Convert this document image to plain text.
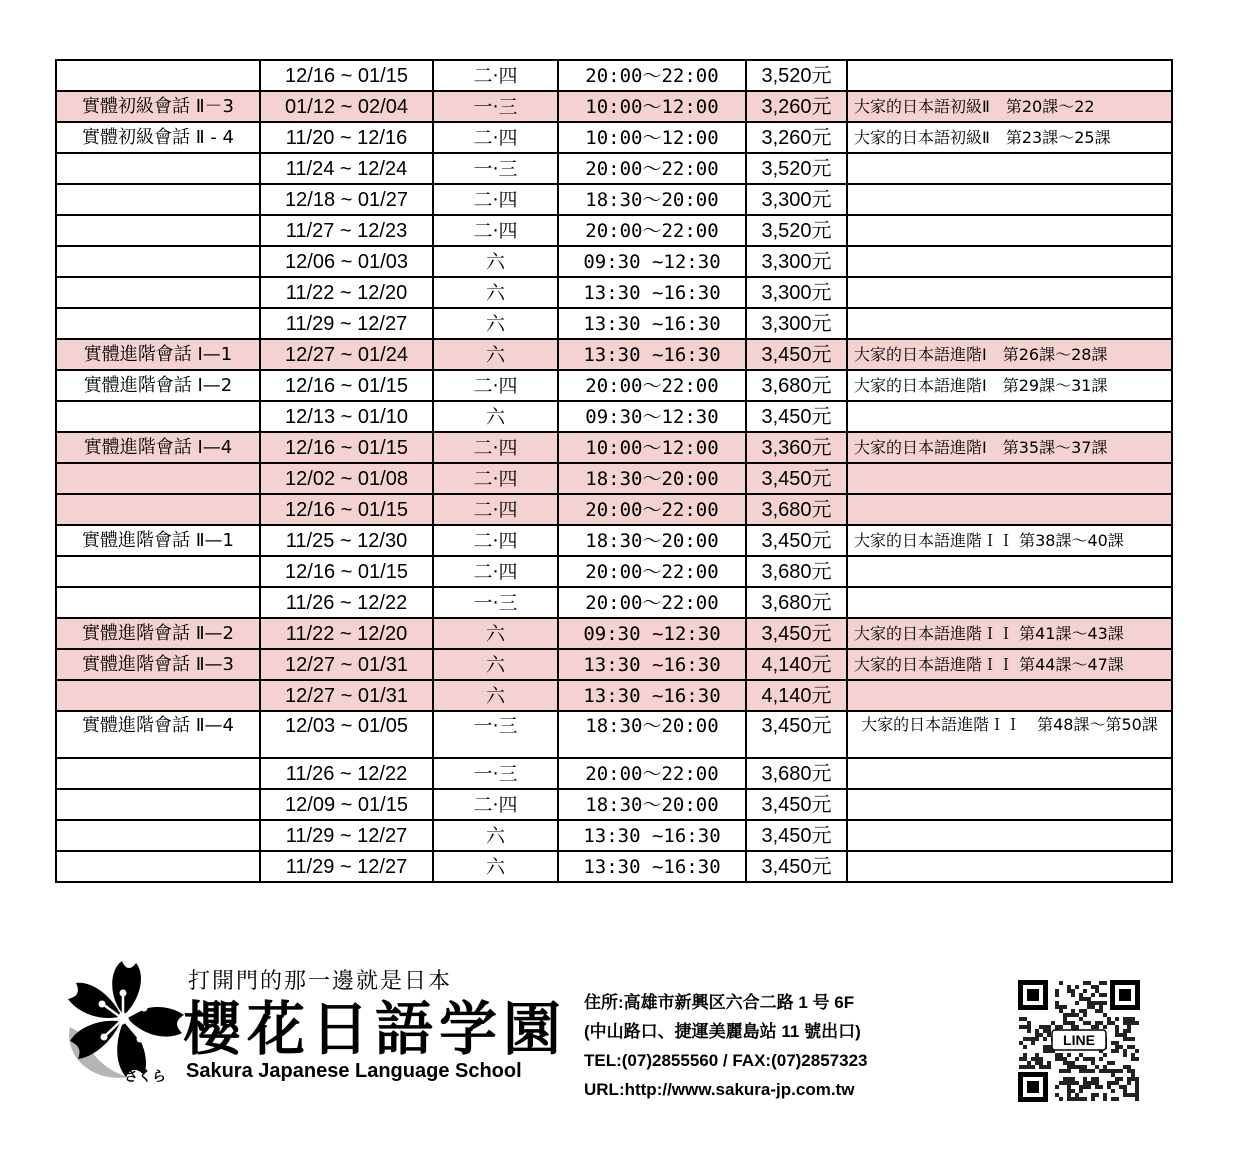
	12/16 ~ 01/15	二‧四	20:00～22:00	3,520元	
實體初級會話 Ⅱ－3	01/12 ~ 02/04	一‧三	10:00～12:00	3,260元	大家的日本語初級Ⅱ　第20課～22
實體初級會話 Ⅱ - 4	11/20 ~ 12/16	二‧四	10:00～12:00	3,260元	大家的日本語初級Ⅱ　第23課～25課
	11/24 ~ 12/24	一‧三	20:00～22:00	3,520元	
	12/18 ~ 01/27	二‧四	18:30～20:00	3,300元	
	11/27 ~ 12/23	二‧四	20:00～22:00	3,520元	
	12/06 ~ 01/03	六	09:30 ~12:30	3,300元	
	11/22 ~ 12/20	六	13:30 ~16:30	3,300元	
	11/29 ~ 12/27	六	13:30 ~16:30	3,300元	
實體進階會話 Ⅰ—1	12/27 ~ 01/24	六	13:30 ~16:30	3,450元	大家的日本語進階Ⅰ　第26課～28課
實體進階會話 Ⅰ—2	12/16 ~ 01/15	二‧四	20:00～22:00	3,680元	大家的日本語進階Ⅰ　第29課～31課
	12/13 ~ 01/10	六	09:30～12:30	3,450元	
實體進階會話 Ⅰ—4	12/16 ~ 01/15	二‧四	10:00～12:00	3,360元	大家的日本語進階Ⅰ　第35課～37課
	12/02 ~ 01/08	二‧四	18:30～20:00	3,450元	
	12/16 ~ 01/15	二‧四	20:00～22:00	3,680元	
實體進階會話 Ⅱ—1	11/25 ~ 12/30	二‧四	18:30～20:00	3,450元	大家的日本語進階ＩＩ 第38課～40課
	12/16 ~ 01/15	二‧四	20:00～22:00	3,680元	
	11/26 ~ 12/22	一‧三	20:00～22:00	3,680元	
實體進階會話 Ⅱ—2	11/22 ~ 12/20	六	09:30 ~12:30	3,450元	大家的日本語進階ＩＩ 第41課～43課
實體進階會話 Ⅱ—3	12/27 ~ 01/31	六	13:30 ~16:30	4,140元	大家的日本語進階ＩＩ 第44課～47課
	12/27 ~ 01/31	六	13:30 ~16:30	4,140元	
實體進階會話 Ⅱ—4	12/03 ~ 01/05	一‧三	18:30～20:00	3,450元	大家的日本語進階ＩＩ　第48課～第50課
	11/26 ~ 12/22	一‧三	20:00～22:00	3,680元	
	12/09 ~ 01/15	二‧四	18:30～20:00	3,450元	
	11/29 ~ 12/27	六	13:30 ~16:30	3,450元	
	11/29 ~ 12/27	六	13:30 ~16:30	3,450元	
打開門的那一邊就是日本
櫻花日語学園
さくら Sakura Japanese Language School
住所:高雄市新興区六合二路 1 号 6F
(中山路口、捷運美麗島站 11 號出口)
TEL:(07)2855560 / FAX:(07)2857323
URL:http://www.sakura-jp.com.tw
LINE
